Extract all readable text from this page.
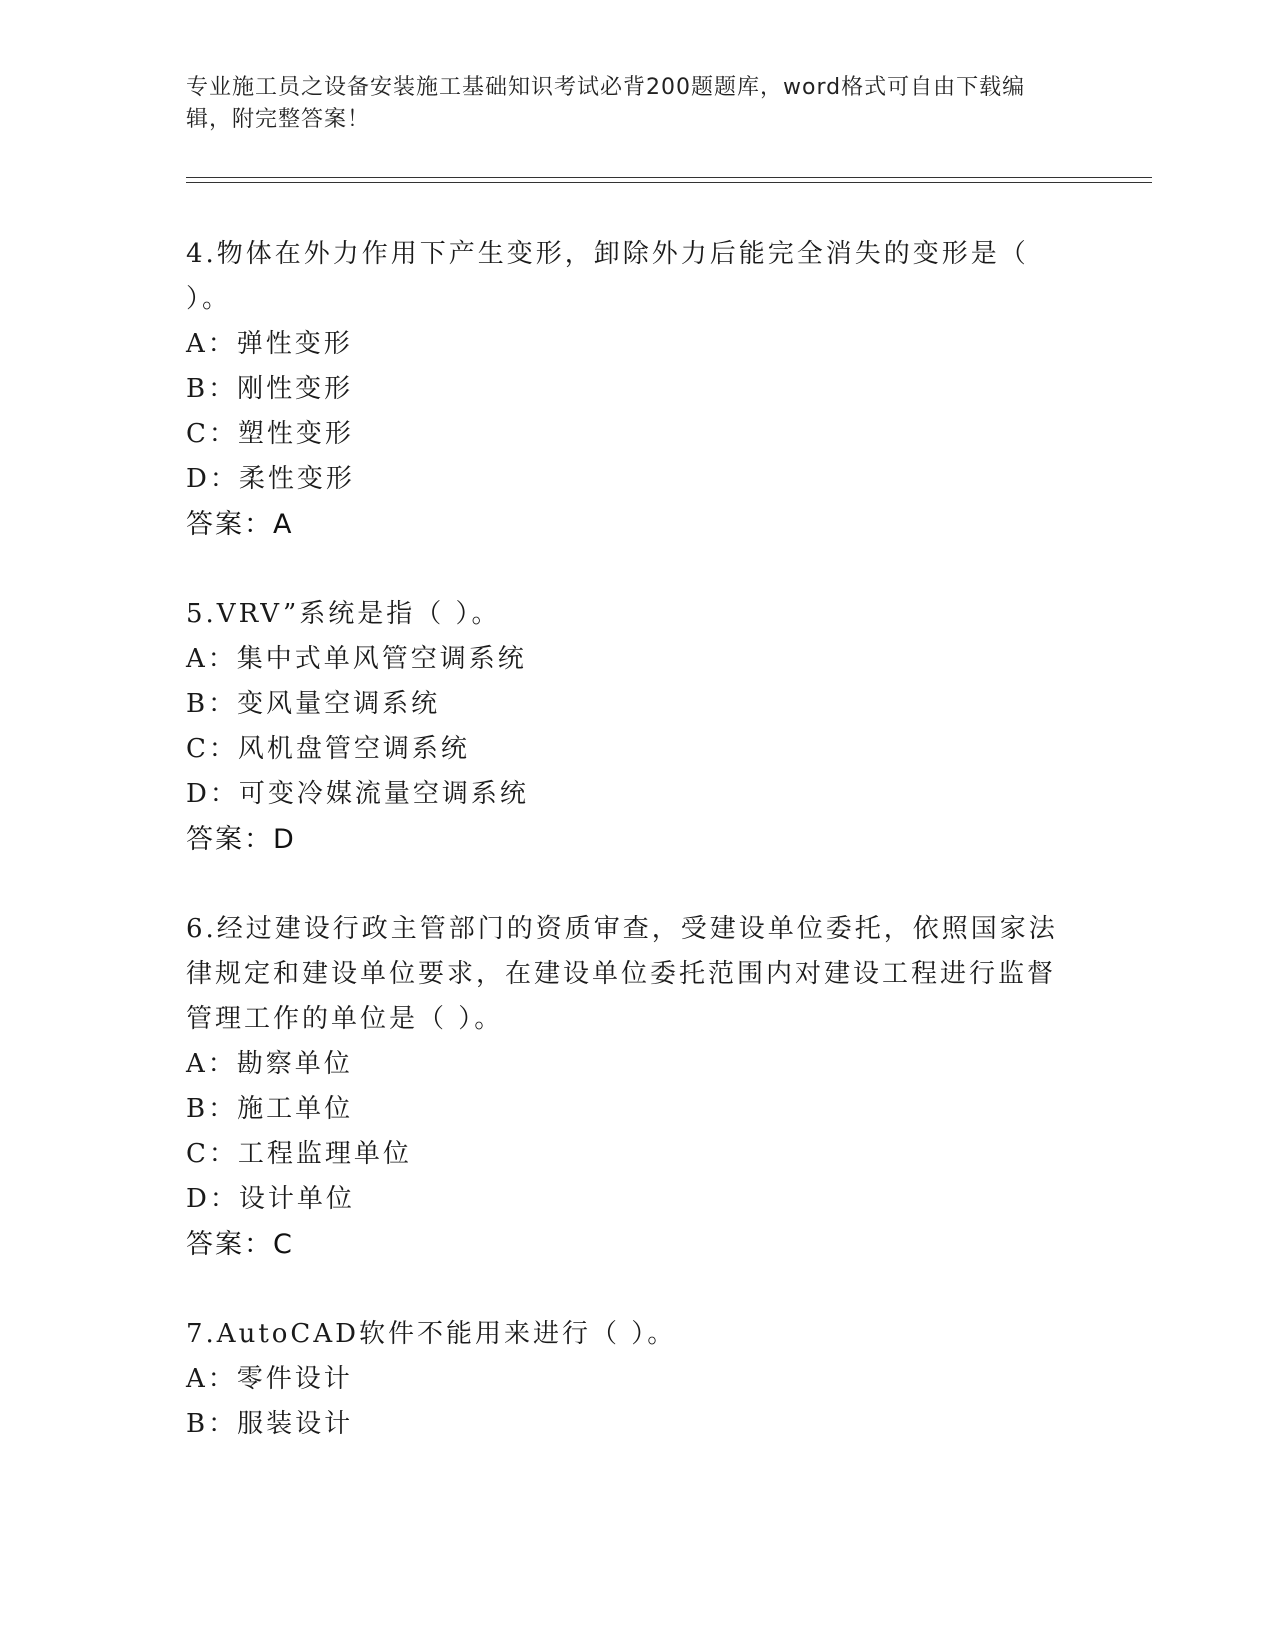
专业施工员之设备安装施工基础知识考试必背200题题库，word格式可自由下载编辑，附完整答案！

4.物体在外力作用下产生变形，卸除外力后能完全消失的变形是（ ）。

A：弹性变形

B：刚性变形

C：塑性变形

D：柔性变形

答案：A

5.VRV”系统是指（ ）。

A：集中式单风管空调系统

B：变风量空调系统

C：风机盘管空调系统

D：可变冷媒流量空调系统

答案：D

6.经过建设行政主管部门的资质审查，受建设单位委托，依照国家法律规定和建设单位要求，在建设单位委托范围内对建设工程进行监督管理工作的单位是（ ）。

A：勘察单位

B：施工单位

C：工程监理单位

D：设计单位

答案：C

7.AutoCAD软件不能用来进行（ ）。

A：零件设计

B：服装设计
